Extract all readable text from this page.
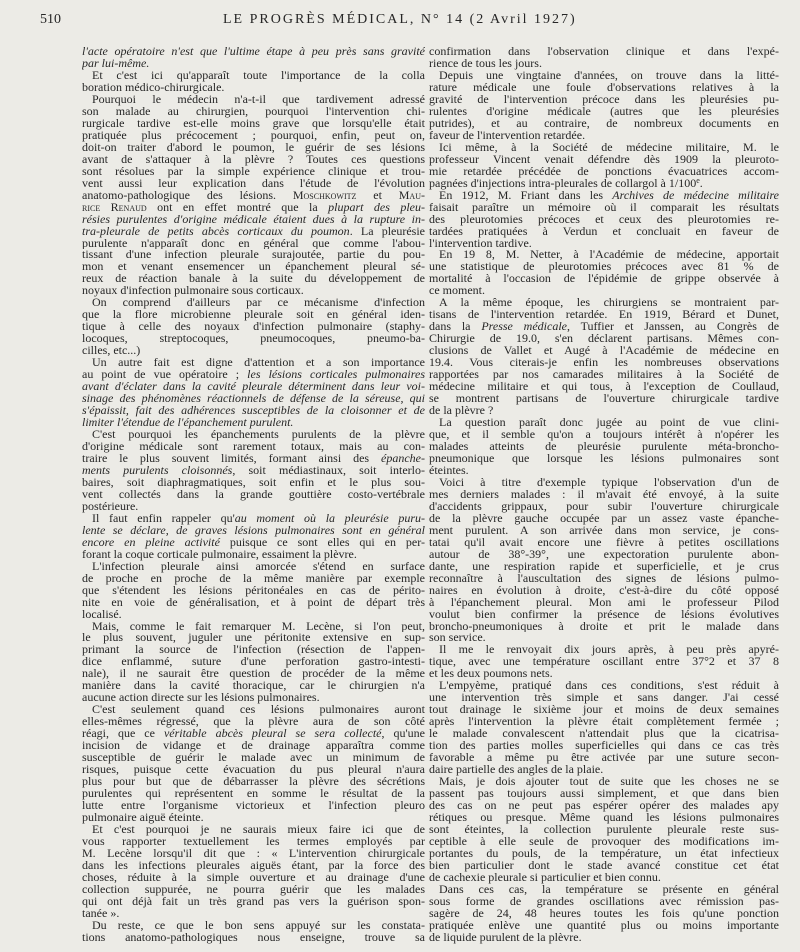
510	LE PROGRÈS MÉDICAL, N° 14 (2 Avril 1927)
l'acte opératoire n'est que l'ultime étape à peu près sans gravité
par lui-même.
Et c'est ici qu'apparaît toute l'importance de la colla
boration médico-chirurgicale.
Pourquoi le médecin n'a-t-il que tardivement adressé
son malade au chirurgien, pourquoi l'intervention chi-
rurgicale tardive est-elle moins grave que lorsqu'elle était
pratiquée plus précocement ; pourquoi, enfin, peut on,
doit-on traiter d'abord le poumon, le guérir de ses lésions
avant de s'attaquer à la plèvre ? Toutes ces questions
sont résolues par la simple expérience clinique et trou-
vent aussi leur explication dans l'étude de l'évolution
anatomo-pathologique des lésions. Moschkowitz et Mau-
rice Renaud ont en effet montré que la plupart des pleu-
résies purulentes d'origine médicale étaient dues à la rupture in-
tra-pleurale de petits abcès corticaux du poumon. La pleurésie
purulente n'apparaît donc en général que comme l'abou-
tissant d'une infection pleurale surajoutée, partie du pou-
mon et venant ensemencer un épanchement pleural sé-
reux de réaction banale à la suite du développement de
noyaux d'infection pulmonaire sous corticaux.
On comprend d'ailleurs par ce mécanisme d'infection
que la flore microbienne pleurale soit en général iden-
tique à celle des noyaux d'infection pulmonaire (staphy-
locoques, streptocoques, pneumocoques, pneumo-ba-
cilles, etc...)
Un autre fait est digne d'attention et a son importance
au point de vue opératoire ; les lésions corticales pulmonaires
avant d'éclater dans la cavité pleurale déterminent dans leur voi-
sinage des phénomènes réactionnels de défense de la séreuse, qui
s'épaissit, fait des adhérences susceptibles de la cloisonner et de
limiter l'étendue de l'épanchement purulent.
C'est pourquoi les épanchements purulents de la plèvre
d'origine médicale sont rarement totaux, mais au con-
traire le plus souvent limités, formant ainsi des épanche-
ments purulents cloisonnés, soit médiastinaux, soit interlo-
baires, soit diaphragmatiques, soit enfin et le plus sou-
vent collectés dans la grande gouttière costo-vertébrale
postérieure.
Il faut enfin rappeler qu'au moment où la pleurésie puru-
lente se déclare, de graves lésions pulmonaires sont en général
encore en pleine activité puisque ce sont elles qui en per-
forant la coque corticale pulmonaire, essaiment la plèvre.
L'infection pleurale ainsi amorcée s'étend en surface
de proche en proche de la même manière par exemple
que s'étendent les lésions péritonéales en cas de périto-
nite en voie de généralisation, et à point de départ très
localisé.
Mais, comme le fait remarquer M. Lecène, si l'on peut,
le plus souvent, juguler une péritonite extensive en sup-
primant la source de l'infection (résection de l'appen-
dice enflammé, suture d'une perforation gastro-intesti-
nale), il ne saurait être question de procéder de la même
manière dans la cavité thoracique, car le chirurgien n'a
aucune action directe sur les lésions pulmonaires.
C'est seulement quand ces lésions pulmonaires auront
elles-mêmes régressé, que la plèvre aura de son côté
réagi, que ce véritable abcès pleural se sera collecté, qu'une
incision de vidange et de drainage apparaîtra comme
susceptible de guérir le malade avec un minimum de
risques, puisque cette évacuation du pus pleural n'aura
plus pour but que de débarrasser la plèvre des sécrétions
purulentes qui représentent en somme le résultat de la
lutte entre l'organisme victorieux et l'infection pleuro
pulmonaire aiguë éteinte.
Et c'est pourquoi je ne saurais mieux faire ici que de
vous rapporter textuellement les termes employés par
M. Lecène lorsqu'il dit que : « L'intervention chirurgicale
dans les infections pleurales aiguës étant, par la force des
choses, réduite à la simple ouverture et au drainage d'une
collection suppurée, ne pourra guérir que les malades
qui ont déjà fait un très grand pas vers la guérison spon-
tanée ».
Du reste, ce que le bon sens appuyé sur les constata-
tions anatomo-pathologiques nous enseigne, trouve sa
confirmation dans l'observation clinique et dans l'expé-
rience de tous les jours.
Depuis une vingtaine d'années, on trouve dans la litté-
rature médicale une foule d'observations relatives à la
gravité de l'intervention précoce dans les pleurésies pu-
rulentes d'origine médicale (autres que les pleurésies
putrides), et au contraire, de nombreux documents en
faveur de l'intervention retardée.
Ici même, à la Société de médecine militaire, M. le
professeur Vincent venait défendre dès 1909 la pleuroto-
mie retardée précédée de ponctions évacuatrices accom-
pagnées d'injections intra-pleurales de collargol à 1/100e.
En 1912, M. Friant dans les Archives de médecine militaire
faisait paraître un mémoire où il comparait les résultats
des pleurotomies précoces et ceux des pleurotomies re-
tardées pratiquées à Verdun et concluait en faveur de
l'intervention tardive.
En 19 8, M. Netter, à l'Académie de médecine, apportait
une statistique de pleurotomies précoces avec 81 % de
mortalité à l'occasion de l'épidémie de grippe observée à
ce moment.
A la même époque, les chirurgiens se montraient par-
tisans de l'intervention retardée. En 1919, Bérard et Dunet,
dans la Presse médicale, Tuffier et Janssen, au Congrès de
Chirurgie de 19.0, s'en déclarent partisans. Mêmes con-
clusions de Vallet et Augé à l'Académie de médecine en
19.4. Vous citerais-je enfin les nombreuses observations
rapportées par nos camarades militaires à la Société de
médecine militaire et qui tous, à l'exception de Coullaud,
se montrent partisans de l'ouverture chirurgicale tardive
de la plèvre ?
La question paraît donc jugée au point de vue clini-
que, et il semble qu'on a toujours intérêt à n'opérer les
malades atteints de pleurésie purulente méta-broncho-
pneumonique que lorsque les lésions pulmonaires sont
éteintes.
Voici à titre d'exemple typique l'observation d'un de
mes derniers malades : il m'avait été envoyé, à la suite
d'accidents grippaux, pour subir l'ouverture chirurgicale
de la plèvre gauche occupée par un assez vaste épanche-
ment purulent. A son arrivée dans mon service, je cons-
tatai qu'il avait encore une fièvre à petites oscillations
autour de 38°-39°, une expectoration purulente abon-
dante, une respiration rapide et superficielle, et je crus
reconnaître à l'auscultation des signes de lésions pulmo-
naires en évolution à droite, c'est-à-dire du côté opposé
à l'épanchement pleural. Mon ami le professeur Pilod
voulut bien confirmer la présence de lésions évolutives
broncho-pneumoniques à droite et prit le malade dans
son service.
Il me le renvoyait dix jours après, à peu près apyré-
tique, avec une température oscillant entre 37°2 et 37 8
et les deux poumons nets.
L'empyème, pratiqué dans ces conditions, s'est réduit à
une intervention très simple et sans danger. J'ai cessé
tout drainage le sixième jour et moins de deux semaines
après l'intervention la plèvre était complètement fermée ;
le malade convalescent n'attendait plus que la cicatrisa-
tion des parties molles superficielles qui dans ce cas très
favorable a même pu être activée par une suture secon-
daire partielle des angles de la plaie.
Mais, je dois ajouter tout de suite que les choses ne se
passent pas toujours aussi simplement, et que dans bien
des cas on ne peut pas espérer opérer des malades apy
rétiques ou presque. Même quand les lésions pulmonaires
sont éteintes, la collection purulente pleurale reste sus-
ceptible à elle seule de provoquer des modifications im-
portantes du pouls, de la température, un état infectieux
bien particulier dont le stade avancé constitue cet état
de cachexie pleurale si particulier et bien connu.
Dans ces cas, la température se présente en général
sous forme de grandes oscillations avec rémission pas-
sagère de 24, 48 heures toutes les fois qu'une ponction
pratiquée enlève une quantité plus ou moins importante
de liquide purulent de la plèvre.
